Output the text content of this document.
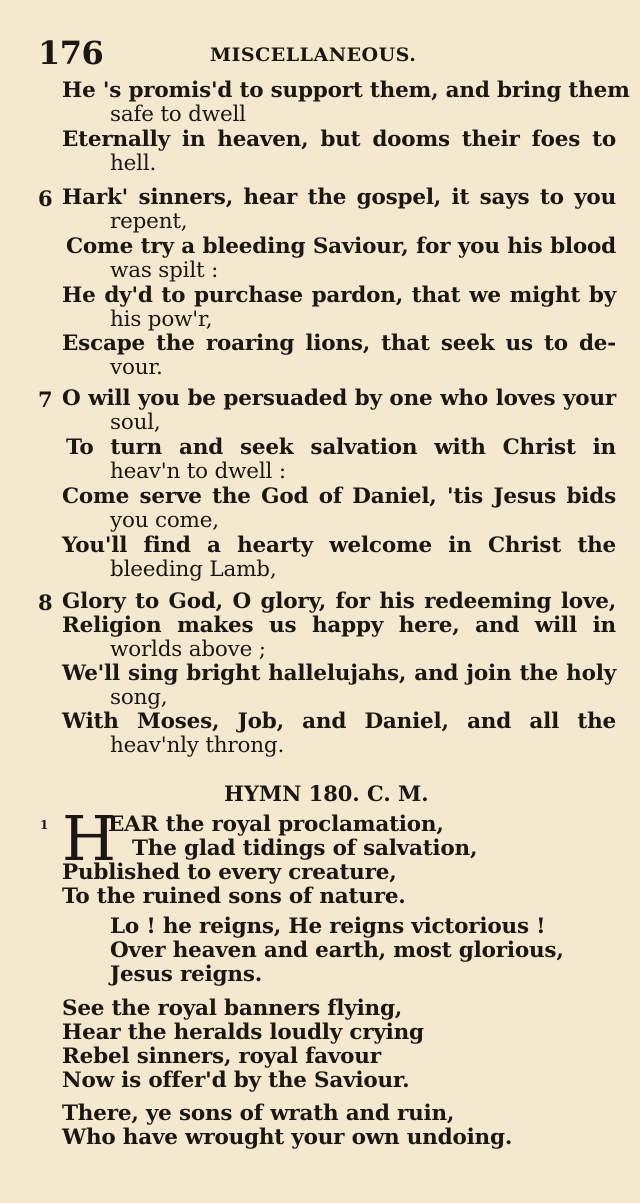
176	MISCELLANEOUS.
He 's promis'd to support them, and bring them
safe to dwell
Eternally in heaven, but dooms their foes to
hell.
6 Hark' sinners, hear the gospel, it says to you
repent,
Come try a bleeding Saviour, for you his blood
was spilt :
He dy'd to purchase pardon, that we might by
his pow'r,
Escape the roaring lions, that seek us to de-
vour.
7 O will you be persuaded by one who loves your
soul,
To turn and seek salvation with Christ in
heav'n to dwell :
Come serve the God of Daniel, 'tis Jesus bids
you come,
You'll find a hearty welcome in Christ the
bleeding Lamb,
8 Glory to God, O glory, for his redeeming love,
Religion makes us happy here, and will in
worlds above ;
We'll sing bright hallelujahs, and join the holy
song,
With Moses, Job, and Daniel, and all the
heav'nly throng.
HYMN 180. C. M.
1 H
EAR the royal proclamation,
The glad tidings of salvation,
Published to every creature,
To the ruined sons of nature.
Lo ! he reigns, He reigns victorious !
Over heaven and earth, most glorious,
Jesus reigns.
See the royal banners flying,
Hear the heralds loudly crying
Rebel sinners, royal favour
Now is offer'd by the Saviour.
There, ye sons of wrath and ruin,
Who have wrought your own undoing.
